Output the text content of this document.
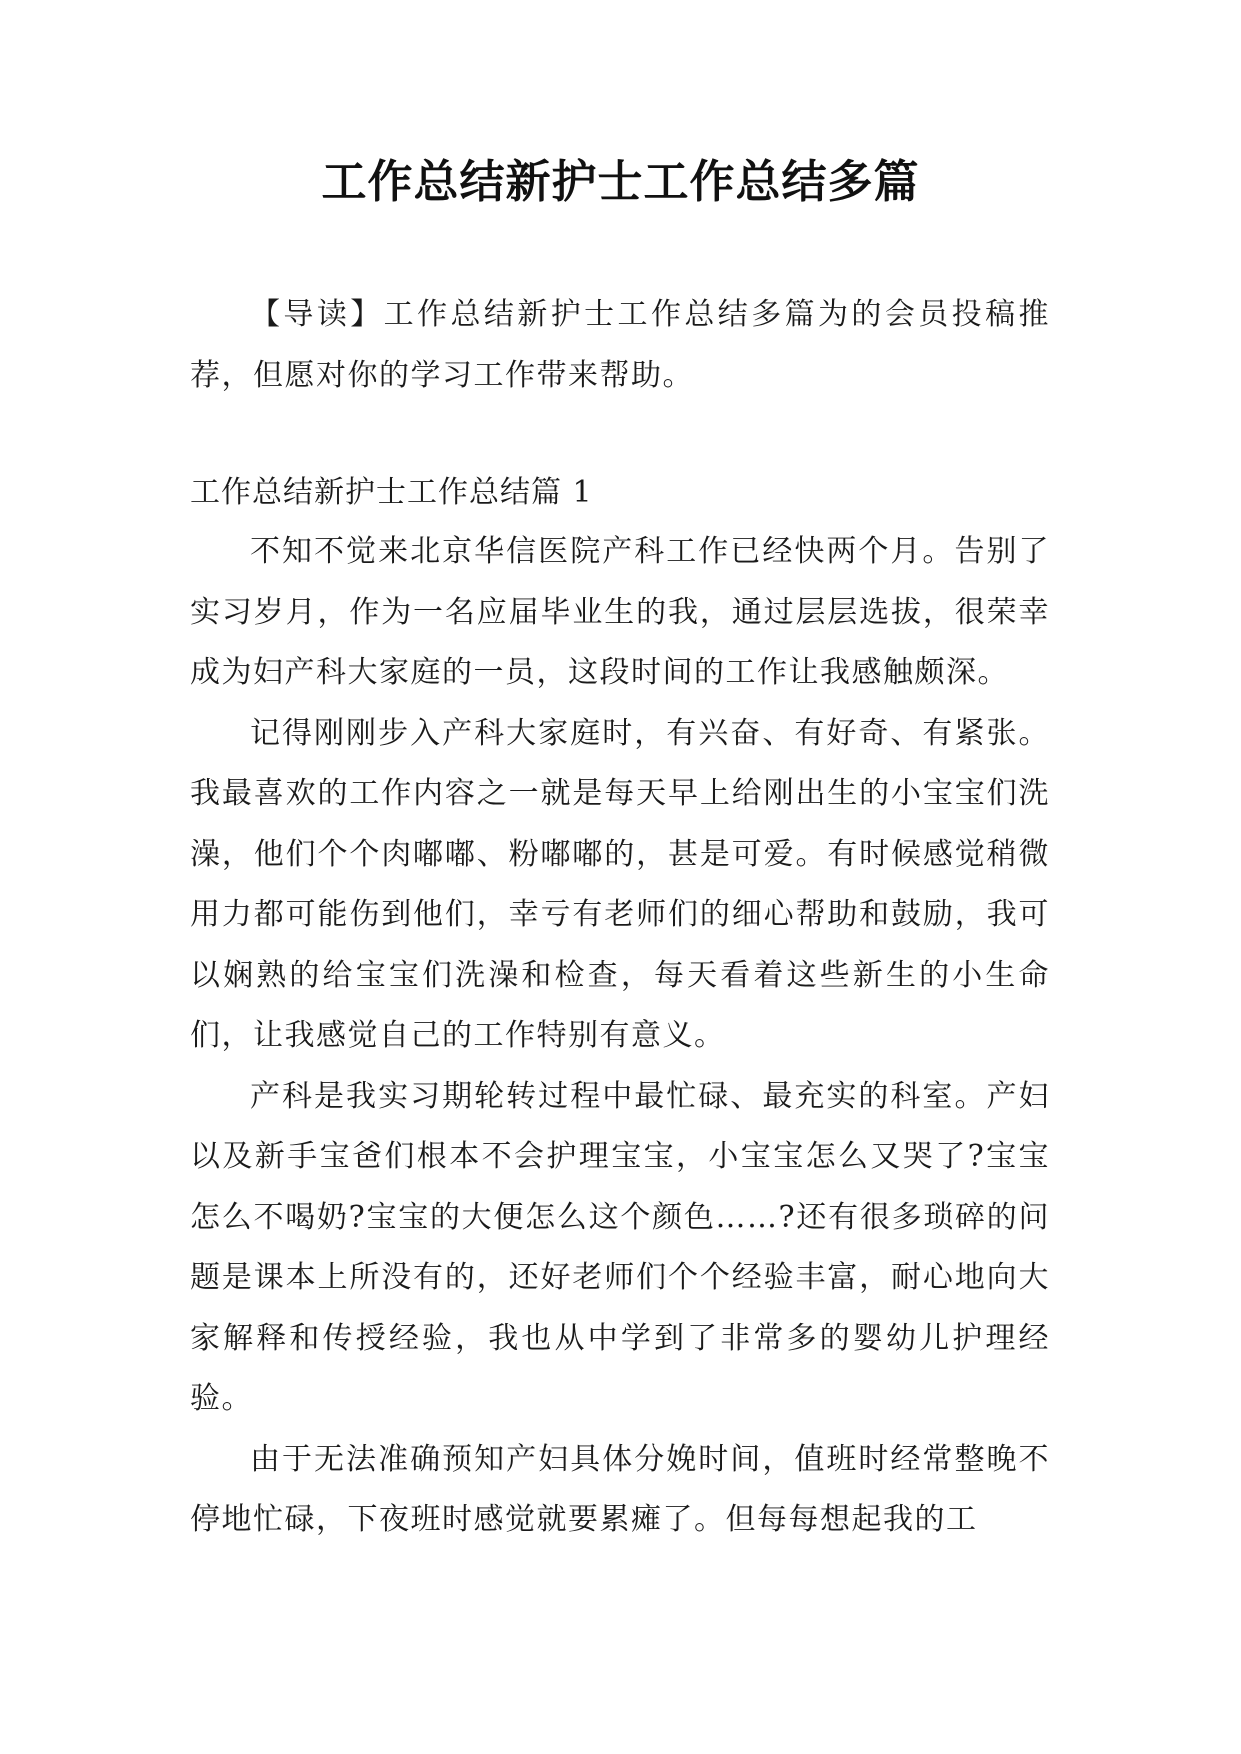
工作总结新护士工作总结多篇

【导读】工作总结新护士工作总结多篇为的会员投稿推荐，但愿对你的学习工作带来帮助。

工作总结新护士工作总结篇 1

不知不觉来北京华信医院产科工作已经快两个月。告别了实习岁月，作为一名应届毕业生的我，通过层层选拔，很荣幸成为妇产科大家庭的一员，这段时间的工作让我感触颇深。

记得刚刚步入产科大家庭时，有兴奋、有好奇、有紧张。我最喜欢的工作内容之一就是每天早上给刚出生的小宝宝们洗澡，他们个个肉嘟嘟、粉嘟嘟的，甚是可爱。有时候感觉稍微用力都可能伤到他们，幸亏有老师们的细心帮助和鼓励，我可以娴熟的给宝宝们洗澡和检查，每天看着这些新生的小生命们，让我感觉自己的工作特别有意义。

产科是我实习期轮转过程中最忙碌、最充实的科室。产妇以及新手宝爸们根本不会护理宝宝，小宝宝怎么又哭了?宝宝怎么不喝奶?宝宝的大便怎么这个颜色……?还有很多琐碎的问题是课本上所没有的，还好老师们个个经验丰富，耐心地向大家解释和传授经验，我也从中学到了非常多的婴幼儿护理经验。

由于无法准确预知产妇具体分娩时间，值班时经常整晚不停地忙碌，下夜班时感觉就要累瘫了。但每每想起我的工
